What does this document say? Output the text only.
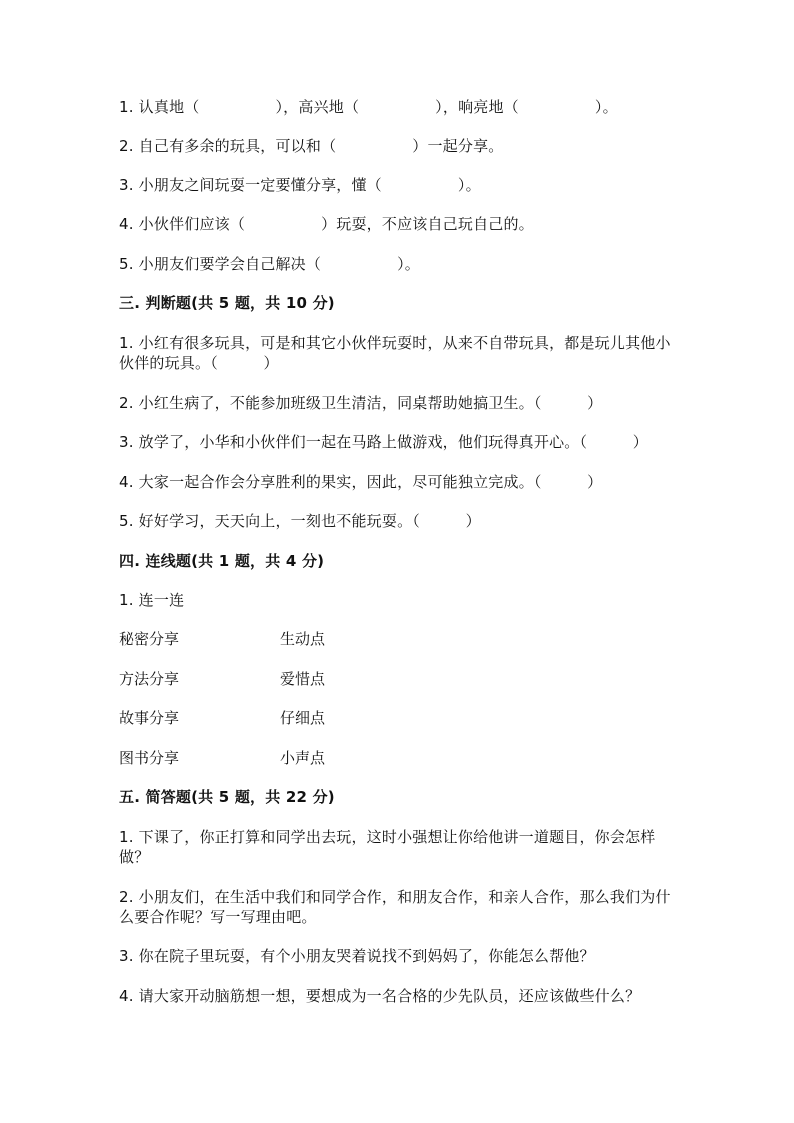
1. 认真地（　　　　　），高兴地（　　　　　），响亮地（　　　　　）。
2. 自己有多余的玩具，可以和（　　　　　）一起分享。
3. 小朋友之间玩耍一定要懂分享，懂（　　　　　）。
4. 小伙伴们应该（　　　　　）玩耍，不应该自己玩自己的。
5. 小朋友们要学会自己解决（　　　　　）。
三. 判断题(共 5 题，共 10 分)
1. 小红有很多玩具，可是和其它小伙伴玩耍时，从来不自带玩具，都是玩儿其他小伙伴的玩具。（　　　）
2. 小红生病了，不能参加班级卫生清洁，同桌帮助她搞卫生。（　　　）
3. 放学了，小华和小伙伴们一起在马路上做游戏，他们玩得真开心。（　　　）
4. 大家一起合作会分享胜利的果实，因此，尽可能独立完成。（　　　）
5. 好好学习，天天向上，一刻也不能玩耍。（　　　）
四. 连线题(共 1 题，共 4 分)
1. 连一连
秘密分享	生动点
方法分享	爱惜点
故事分享	仔细点
图书分享	小声点
五. 简答题(共 5 题，共 22 分)
1. 下课了，你正打算和同学出去玩，这时小强想让你给他讲一道题目，你会怎样做？
2. 小朋友们，在生活中我们和同学合作，和朋友合作，和亲人合作，那么我们为什么要合作呢？写一写理由吧。
3. 你在院子里玩耍，有个小朋友哭着说找不到妈妈了，你能怎么帮他？
4. 请大家开动脑筋想一想，要想成为一名合格的少先队员，还应该做些什么？
